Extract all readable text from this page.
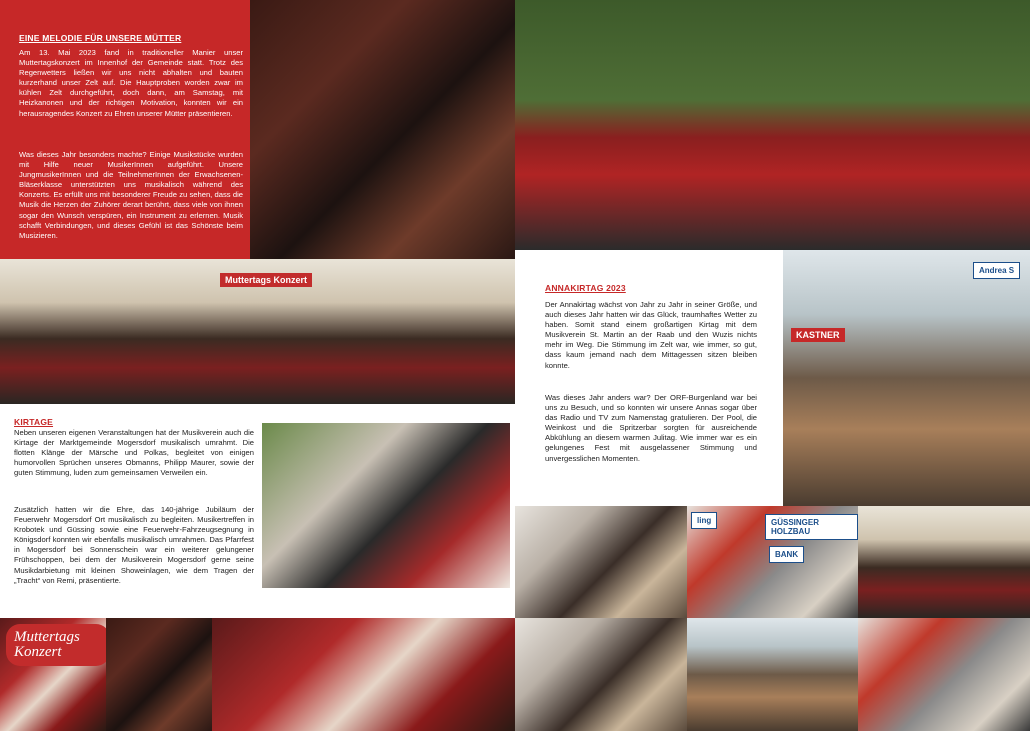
EINE MELODIE FÜR UNSERE MÜTTER

Am 13. Mai 2023 fand in traditioneller Manier unser Muttertagskonzert im Innenhof der Gemeinde statt. Trotz des Regenwetters ließen wir uns nicht abhalten und bauten kurzerhand unser Zelt auf. Die Hauptproben worden zwar im kühlen Zelt durchgeführt, doch dann, am Samstag, mit Heizkanonen und der richtigen Motivation, konnten wir ein herausragendes Konzert zu Ehren unserer Mütter präsentieren.

Was dieses Jahr besonders machte? Einige Musikstücke wurden mit Hilfe neuer MusikerInnen aufgeführt. Unsere JungmusikerInnen und die TeilnehmerInnen der Erwachsenen-Bläserklasse unterstützten uns musikalisch während des Konzerts. Es erfüllt uns mit besonderer Freude zu sehen, dass die Musik die Herzen der Zuhörer derart berührt, dass viele von ihnen sogar den Wunsch verspüren, ein Instrument zu erlernen. Musik schafft Verbindungen, und dieses Gefühl ist das Schönste beim Musizieren.

Muttertags Konzert
ANNAKIRTAG 2023

Der Annakirtag wächst von Jahr zu Jahr in seiner Größe, und auch dieses Jahr hatten wir das Glück, traumhaftes Wetter zu haben. Somit stand einem großartigen Kirtag mit dem Musikverein St. Martin an der Raab und den Wuzis nichts mehr im Weg. Die Stimmung im Zelt war, wie immer, so gut, dass kaum jemand nach dem Mittagessen sitzen bleiben konnte.

Was dieses Jahr anders war? Der ORF-Burgenland war bei uns zu Besuch, und so konnten wir unsere Annas sogar über das Radio und TV zum Namenstag gratulieren. Der Pool, die Weinkost und die Spritzerbar sorgten für ausreichende Abkühlung an diesem warmen Julitag. Wie immer war es ein gelungenes Fest mit ausgelassener Stimmung und unvergesslichen Momenten.

KASTNER
Andrea S
KIRTAGE

Neben unseren eigenen Veranstaltungen hat der Musikverein auch die Kirtage der Marktgemeinde Mogersdorf musikalisch umrahmt. Die flotten Klänge der Märsche und Polkas, begleitet von einigen humorvollen Sprüchen unseres Obmanns, Philipp Maurer, sowie der guten Stimmung, luden zum gemeinsamen Verweilen ein.

Zusätzlich hatten wir die Ehre, das 140-jährige Jubiläum der Feuerwehr Mogersdorf Ort musikalisch zu begleiten. Musikertreffen in Krobotek und Güssing sowie eine Feuerwehr-Fahrzeugsegnung in Königsdorf konnten wir ebenfalls musikalisch umrahmen. Das Pfarrfest in Mogersdorf bei Sonnenschein war ein weiterer gelungener Frühschoppen, bei dem der Musikverein Mogersdorf gerne seine Musikdarbietung mit kleinen Showeinlagen, wie dem Tragen der „Tracht“ von Remi, präsentierte.

ling	GÜSSINGER HOLZBAU
BANK
Muttertags Konzert
